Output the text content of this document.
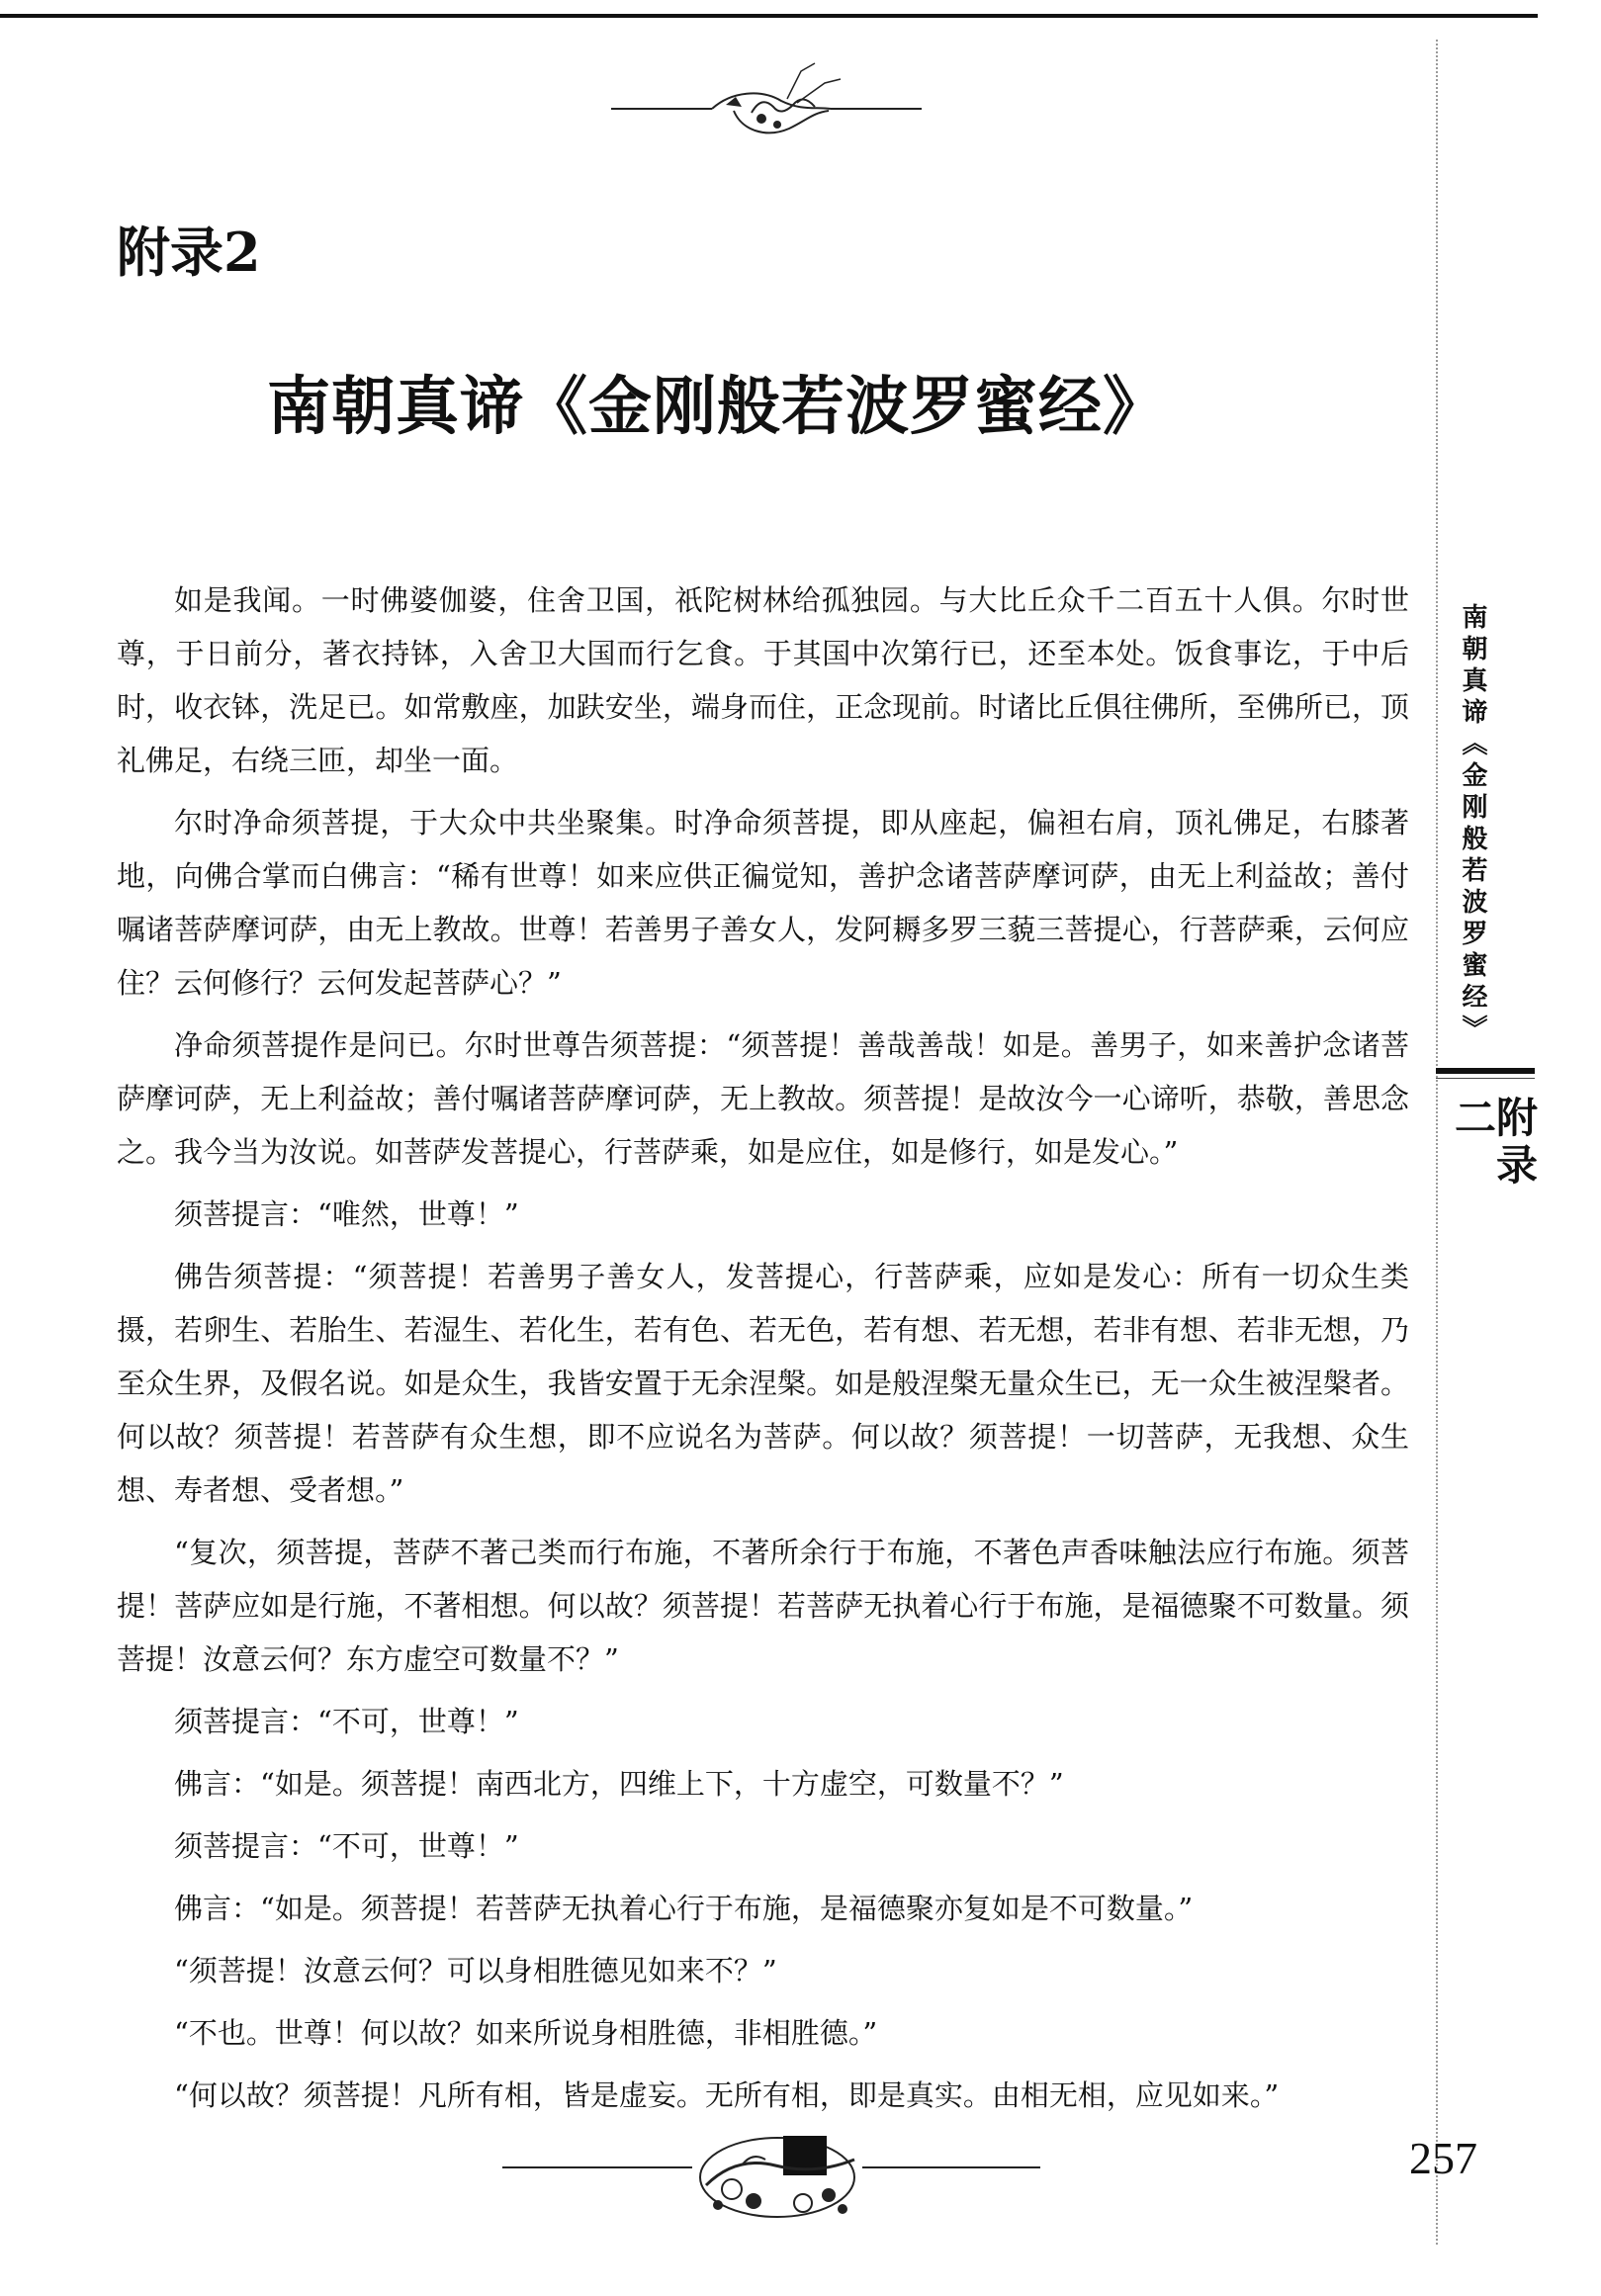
附录2
南朝真谛《金刚般若波罗蜜经》
南朝真谛《金刚般若波罗蜜经》
附录二

如是我闻。一时佛婆伽婆，住舍卫国，祇陀树林给孤独园。与大比丘众千二百五十人俱。尔时世尊，于日前分，著衣持钵，入舍卫大国而行乞食。于其国中次第行已，还至本处。饭食事讫，于中后时，收衣钵，洗足已。如常敷座，加趺安坐，端身而住，正念现前。时诸比丘俱往佛所，至佛所已，顶礼佛足，右绕三匝，却坐一面。

尔时净命须菩提，于大众中共坐聚集。时净命须菩提，即从座起，偏袒右肩，顶礼佛足，右膝著地，向佛合掌而白佛言：“稀有世尊！如来应供正徧觉知，善护念诸菩萨摩诃萨，由无上利益故；善付嘱诸菩萨摩诃萨，由无上教故。世尊！若善男子善女人，发阿耨多罗三藐三菩提心，行菩萨乘，云何应住？云何修行？云何发起菩萨心？”

净命须菩提作是问已。尔时世尊告须菩提：“须菩提！善哉善哉！如是。善男子，如来善护念诸菩萨摩诃萨，无上利益故；善付嘱诸菩萨摩诃萨，无上教故。须菩提！是故汝今一心谛听，恭敬，善思念之。我今当为汝说。如菩萨发菩提心，行菩萨乘，如是应住，如是修行，如是发心。”

须菩提言：“唯然，世尊！”

佛告须菩提：“须菩提！若善男子善女人，发菩提心，行菩萨乘，应如是发心：所有一切众生类摄，若卵生、若胎生、若湿生、若化生，若有色、若无色，若有想、若无想，若非有想、若非无想，乃至众生界，及假名说。如是众生，我皆安置于无余涅槃。如是般涅槃无量众生已，无一众生被涅槃者。何以故？须菩提！若菩萨有众生想，即不应说名为菩萨。何以故？须菩提！一切菩萨，无我想、众生想、寿者想、受者想。”

“复次，须菩提，菩萨不著己类而行布施，不著所余行于布施，不著色声香味触法应行布施。须菩提！菩萨应如是行施，不著相想。何以故？须菩提！若菩萨无执着心行于布施，是福德聚不可数量。须菩提！汝意云何？东方虚空可数量不？”

须菩提言：“不可，世尊！”

佛言：“如是。须菩提！南西北方，四维上下，十方虚空，可数量不？”

须菩提言：“不可，世尊！”

佛言：“如是。须菩提！若菩萨无执着心行于布施，是福德聚亦复如是不可数量。”

“须菩提！汝意云何？可以身相胜德见如来不？”

“不也。世尊！何以故？如来所说身相胜德，非相胜德。”

“何以故？须菩提！凡所有相，皆是虚妄。无所有相，即是真实。由相无相，应见如来。”

257
